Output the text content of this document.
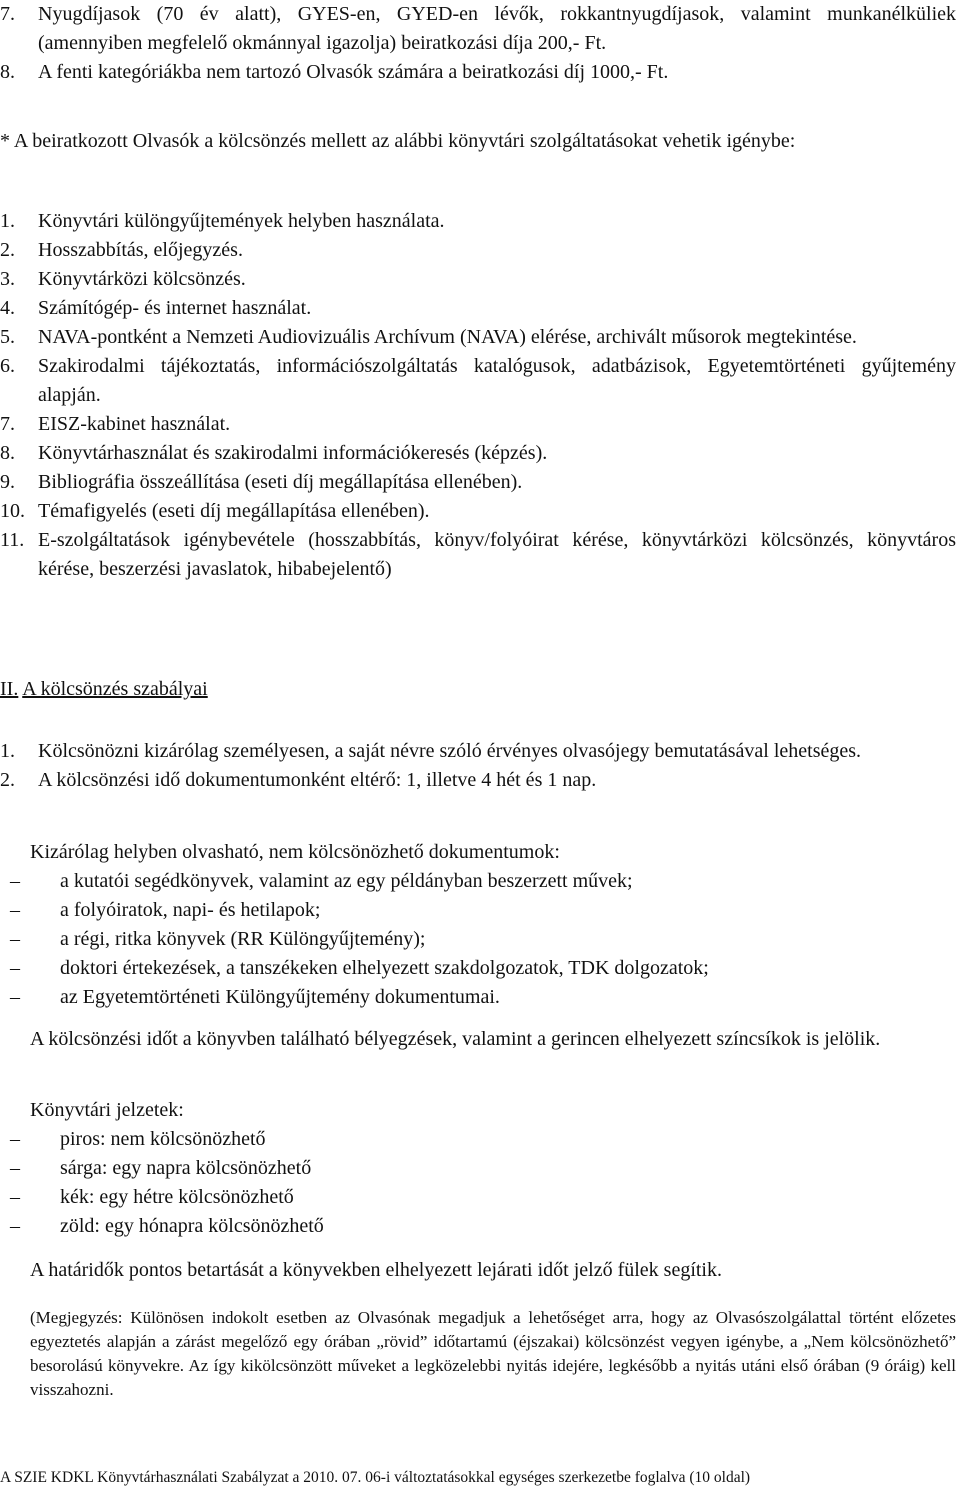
7.	Nyugdíjasok (70 év alatt), GYES-en, GYED-en lévők, rokkantnyugdíjasok, valamint munkanélküliek (amennyiben megfelelő okmánnyal igazolja) beiratkozási díja 200,- Ft.
8.	A fenti kategóriákba nem tartozó Olvasók számára a beiratkozási díj 1000,- Ft.
* A beiratkozott Olvasók a kölcsönzés mellett az alábbi könyvtári szolgáltatásokat vehetik igénybe:
1.	Könyvtári különgyűjtemények helyben használata.
2.	Hosszabbítás, előjegyzés.
3.	Könyvtárközi kölcsönzés.
4.	Számítógép- és internet használat.
5.	NAVA-pontként a Nemzeti Audiovizuális Archívum (NAVA) elérése, archivált műsorok megtekintése.
6.	Szakirodalmi tájékoztatás, információszolgáltatás katalógusok, adatbázisok, Egyetemtörténeti gyűjtemény alapján.
7.	EISZ-kabinet használat.
8.	Könyvtárhasználat és szakirodalmi információkeresés (képzés).
9.	Bibliográfia összeállítása (eseti díj megállapítása ellenében).
10. Témafigyelés (eseti díj megállapítása ellenében).
11. E-szolgáltatások igénybevétele (hosszabbítás, könyv/folyóirat kérése, könyvtárközi kölcsönzés, könyvtáros kérése, beszerzési javaslatok, hibabejelentő)
II. A kölcsönzés szabályai
1.	Kölcsönözni kizárólag személyesen, a saját névre szóló érvényes olvasójegy bemutatásával lehetséges.
2.	A kölcsönzési idő dokumentumonként eltérő: 1, illetve 4 hét és 1 nap.
Kizárólag helyben olvasható, nem kölcsönözhető dokumentumok:
–
a kutatói segédkönyvek, valamint az egy példányban beszerzett művek;
–
a folyóiratok, napi- és hetilapok;
–
a régi, ritka könyvek (RR Különgyűjtemény);
–
doktori értekezések, a tanszékeken elhelyezett szakdolgozatok, TDK dolgozatok;
–
az Egyetemtörténeti Különgyűjtemény dokumentumai.
A kölcsönzési időt a könyvben található bélyegzések, valamint a gerincen elhelyezett színcsíkok is jelölik.
Könyvtári jelzetek:
–
piros: nem kölcsönözhető
–
sárga: egy napra kölcsönözhető
–
kék: egy hétre kölcsönözhető
–
zöld: egy hónapra kölcsönözhető
A határidők pontos betartását a könyvekben elhelyezett lejárati időt jelző fülek segítik.
(Megjegyzés: Különösen indokolt esetben az Olvasónak megadjuk a lehetőséget arra, hogy az Olvasószolgálattal történt előzetes egyeztetés alapján a zárást megelőző egy órában „rövid” időtartamú (éjszakai) kölcsönzést vegyen igénybe, a „Nem kölcsönözhető” besorolású könyvekre. Az így kikölcsönzött műveket a legközelebbi nyitás idejére, legkésőbb a nyitás utáni első órában (9 óráig) kell visszahozni.
A SZIE KDKL Könyvtárhasználati Szabályzat a 2010. 07. 06-i változtatásokkal egységes szerkezetbe foglalva (10 oldal)
